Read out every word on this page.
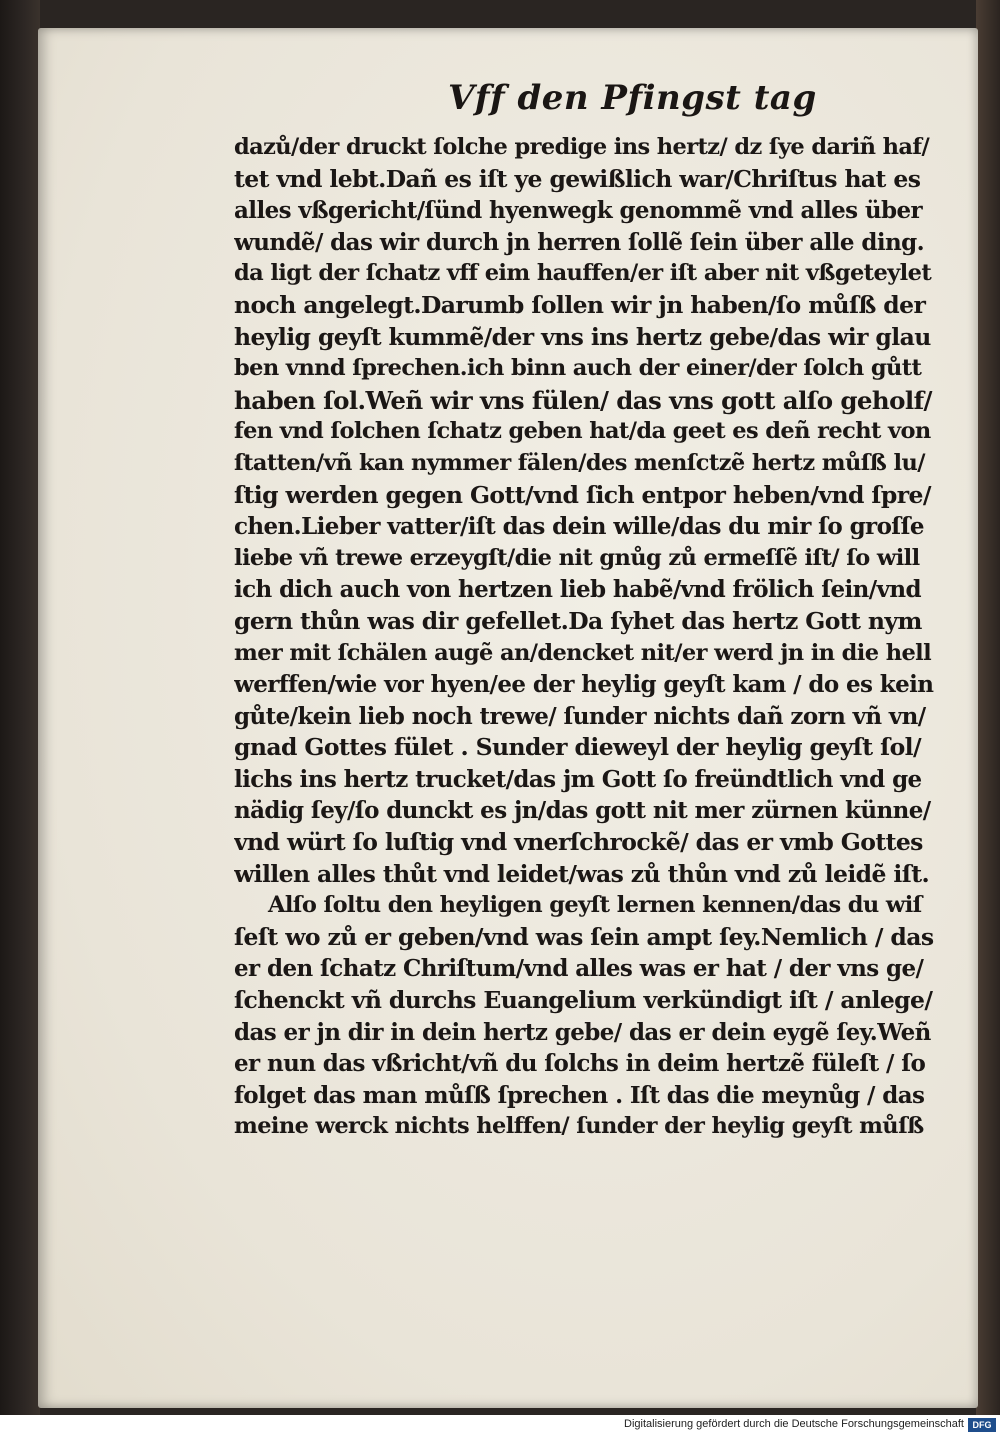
Vff den Pfingst tag
dazů/der druckt ſolche predige ins hertz/ dz ſye dariñ haf/
tet vnd lebt.Dañ es iſt ye gewißlich war/Chriſtus hat es
alles vßgericht/ſünd hyenwegk genommẽ vnd alles über
wundẽ/ das wir durch jn herren ſollẽ ſein über alle ding.
da ligt der ſchatz vff eim hauffen/er iſt aber nit vßgeteylet
noch angelegt.Darumb ſollen wir jn haben/ſo můſß der
heylig geyſt kummẽ/der vns ins hertz gebe/das wir glau
ben vnnd ſprechen.ich binn auch der einer/der ſolch gůtt
haben ſol.Weñ wir vns fülen/ das vns gott alſo geholf/
fen vnd ſolchen ſchatz geben hat/da geet es deñ recht von
ſtatten/vñ kan nymmer fälen/des menſctzẽ hertz můſß lu/
ſtig werden gegen Gott/vnd ſich entpor heben/vnd ſpre/
chen.Lieber vatter/iſt das dein wille/das du mir ſo groſſe
liebe vñ trewe erzeygſt/die nit gnůg zů ermeſſẽ iſt/ ſo will
ich dich auch von hertzen lieb habẽ/vnd frölich ſein/vnd
gern thůn was dir gefellet.Da ſyhet das hertz Gott nym
mer mit ſchälen augẽ an/dencket nit/er werd jn in die hell
werffen/wie vor hyen/ee der heylig geyſt kam / do es kein
gůte/kein lieb noch trewe/ ſunder nichts dañ zorn vñ vn/
gnad Gottes fület . Sunder dieweyl der heylig geyſt ſol/
lichs ins hertz trucket/das jm Gott ſo freündtlich vnd ge
nädig ſey/ſo dunckt es jn/das gott nit mer zürnen künne/
vnd würt ſo luſtig vnd vnerſchrockẽ/ das er vmb Gottes
willen alles thůt vnd leidet/was zů thůn vnd zů leidẽ iſt.
Alſo ſoltu den heyligen geyſt lernen kennen/das du wiſ
ſeſt wo zů er geben/vnd was ſein ampt ſey.Nemlich / das
er den ſchatz Chriſtum/vnd alles was er hat / der vns ge/
ſchenckt vñ durchs Euangelium verkündigt iſt / anlege/
das er jn dir in dein hertz gebe/ das er dein eygẽ ſey.Weñ
er nun das vßricht/vñ du ſolchs in deim hertzẽ füleſt / ſo
folget das man můſß ſprechen . Iſt das die meynůg / das
meine werck nichts helffen/ ſunder der heylig geyſt můſß
Digitalisierung gefördert durch die Deutsche Forschungsgemeinschaft DFG
